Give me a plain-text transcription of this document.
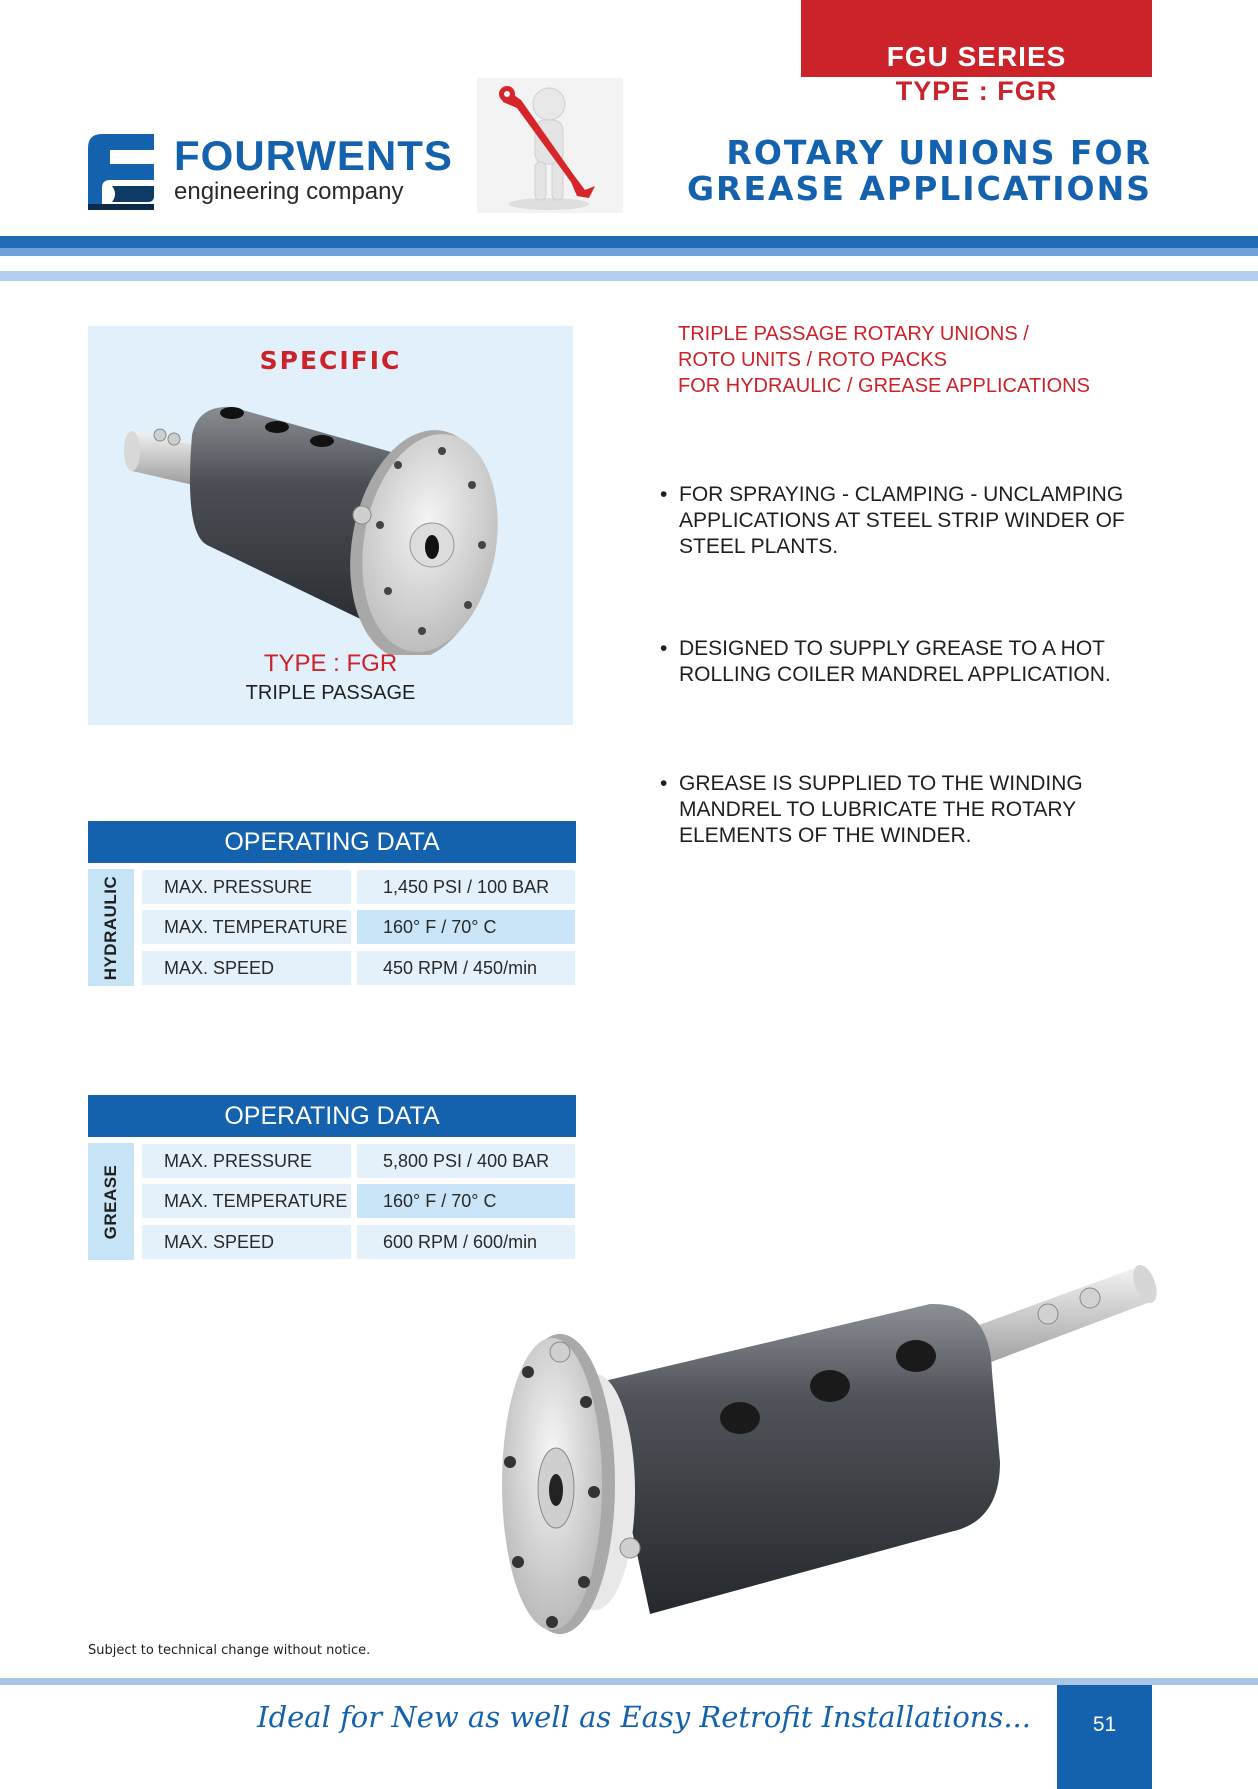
FGU SERIES
TYPE : FGR
FOURWENTS
engineering company
ROTARY UNIONS FOR
GREASE APPLICATIONS
SPECIFIC
TYPE : FGR
TRIPLE PASSAGE
TRIPLE PASSAGE ROTARY UNIONS /
ROTO UNITS / ROTO PACKS
FOR HYDRAULIC / GREASE APPLICATIONS
• FOR SPRAYING - CLAMPING - UNCLAMPING
APPLICATIONS AT STEEL STRIP WINDER OF
STEEL PLANTS.
• DESIGNED TO SUPPLY GREASE TO A HOT
ROLLING COILER MANDREL APPLICATION.
• GREASE IS SUPPLIED TO THE WINDING
MANDREL TO LUBRICATE THE ROTARY
ELEMENTS OF THE WINDER.
OPERATING DATA
HYDRAULIC	MAX. PRESSURE	1,450 PSI / 100 BAR
MAX. TEMPERATURE	160° F / 70° C
MAX. SPEED	450 RPM / 450/min
OPERATING DATA
GREASE
MAX. PRESSURE	5,800 PSI / 400 BAR
MAX. TEMPERATURE	160° F / 70° C
MAX. SPEED	600 RPM / 600/min
Subject to technical change without notice.
Ideal for New as well as Easy Retrofit Installations...	51
